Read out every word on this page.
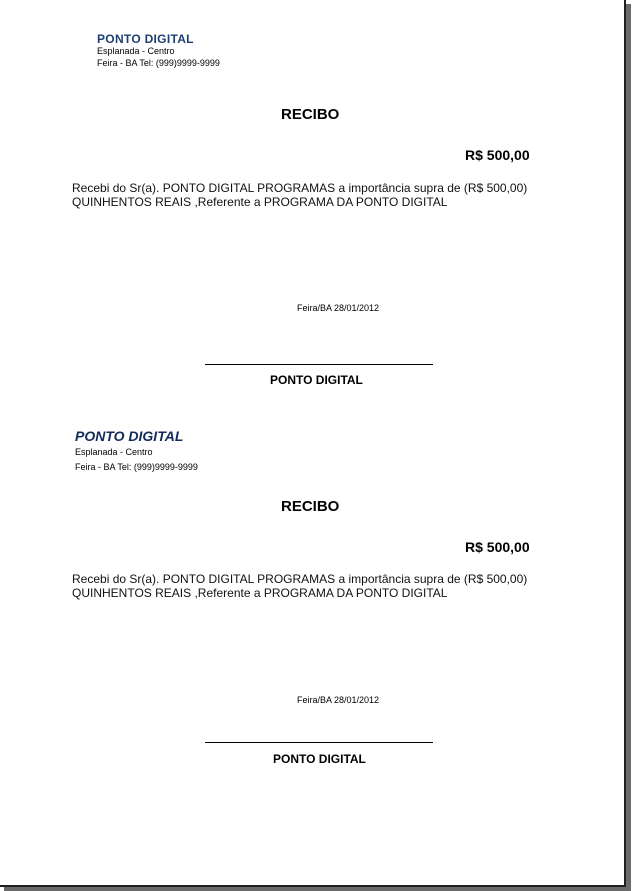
PONTO DIGITAL
Esplanada - Centro
Feira - BA Tel: (999)9999-9999
RECIBO
R$ 500,00
Recebi do Sr(a). PONTO DIGITAL PROGRAMAS a importância supra de (R$ 500,00)
QUINHENTOS REAIS ,Referente a PROGRAMA DA PONTO DIGITAL
Feira/BA 28/01/2012
PONTO DIGITAL
PONTO DIGITAL
Esplanada - Centro
Feira - BA Tel: (999)9999-9999
RECIBO
R$ 500,00
Recebi do Sr(a). PONTO DIGITAL PROGRAMAS a importância supra de (R$ 500,00)
QUINHENTOS REAIS ,Referente a PROGRAMA DA PONTO DIGITAL
Feira/BA 28/01/2012
PONTO DIGITAL
